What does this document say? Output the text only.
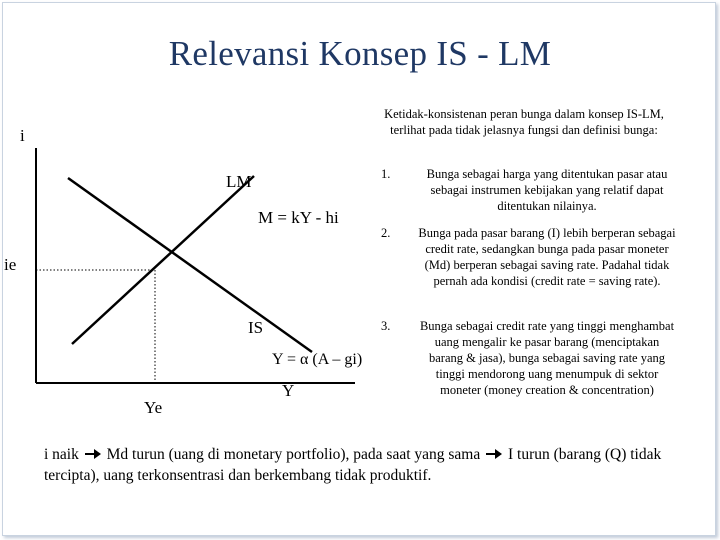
Relevansi Konsep IS - LM
i
LM
M = kY - hi
ie
IS
Y = α (A – gi)
Y
Ye
Ketidak-konsistenan peran bunga dalam konsep IS-LM, terlihat pada tidak jelasnya fungsi dan definisi bunga:
1.	Bunga sebagai harga yang ditentukan pasar atau sebagai instrumen kebijakan yang relatif dapat ditentukan nilainya.
2. Bunga pada pasar barang (I) lebih berperan sebagai credit rate, sedangkan bunga pada pasar moneter (Md) berperan sebagai saving rate. Padahal tidak pernah ada kondisi (credit rate = saving rate).
3. Bunga sebagai credit rate yang tinggi menghambat uang mengalir ke pasar barang (menciptakan barang & jasa), bunga sebagai saving rate yang tinggi mendorong uang menumpuk di sektor moneter (money creation & concentration)
i naik Md turun (uang di monetary portfolio), pada saat yang sama I turun (barang (Q) tidak tercipta), uang terkonsentrasi dan berkembang tidak produktif.
